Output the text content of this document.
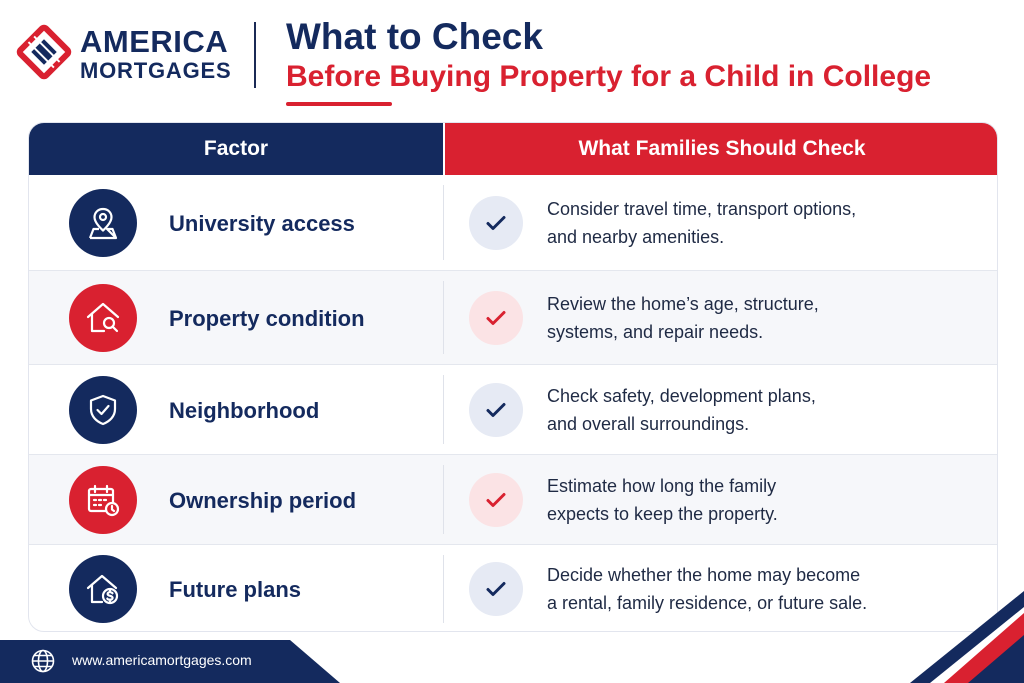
AMERICA
MORTGAGES
What to Check
Before Buying Property for a Child in College
Factor	What Families Should Check
University access
Consider travel time, transport options,
and nearby amenities.
Property condition
Review the home’s age, structure,
systems, and repair needs.
Neighborhood
Check safety, development plans,
and overall surroundings.
Ownership period
Estimate how long the family
expects to keep the property.
Future plans
Decide whether the home may become
a rental, family residence, or future sale.
www.americamortgages.com
